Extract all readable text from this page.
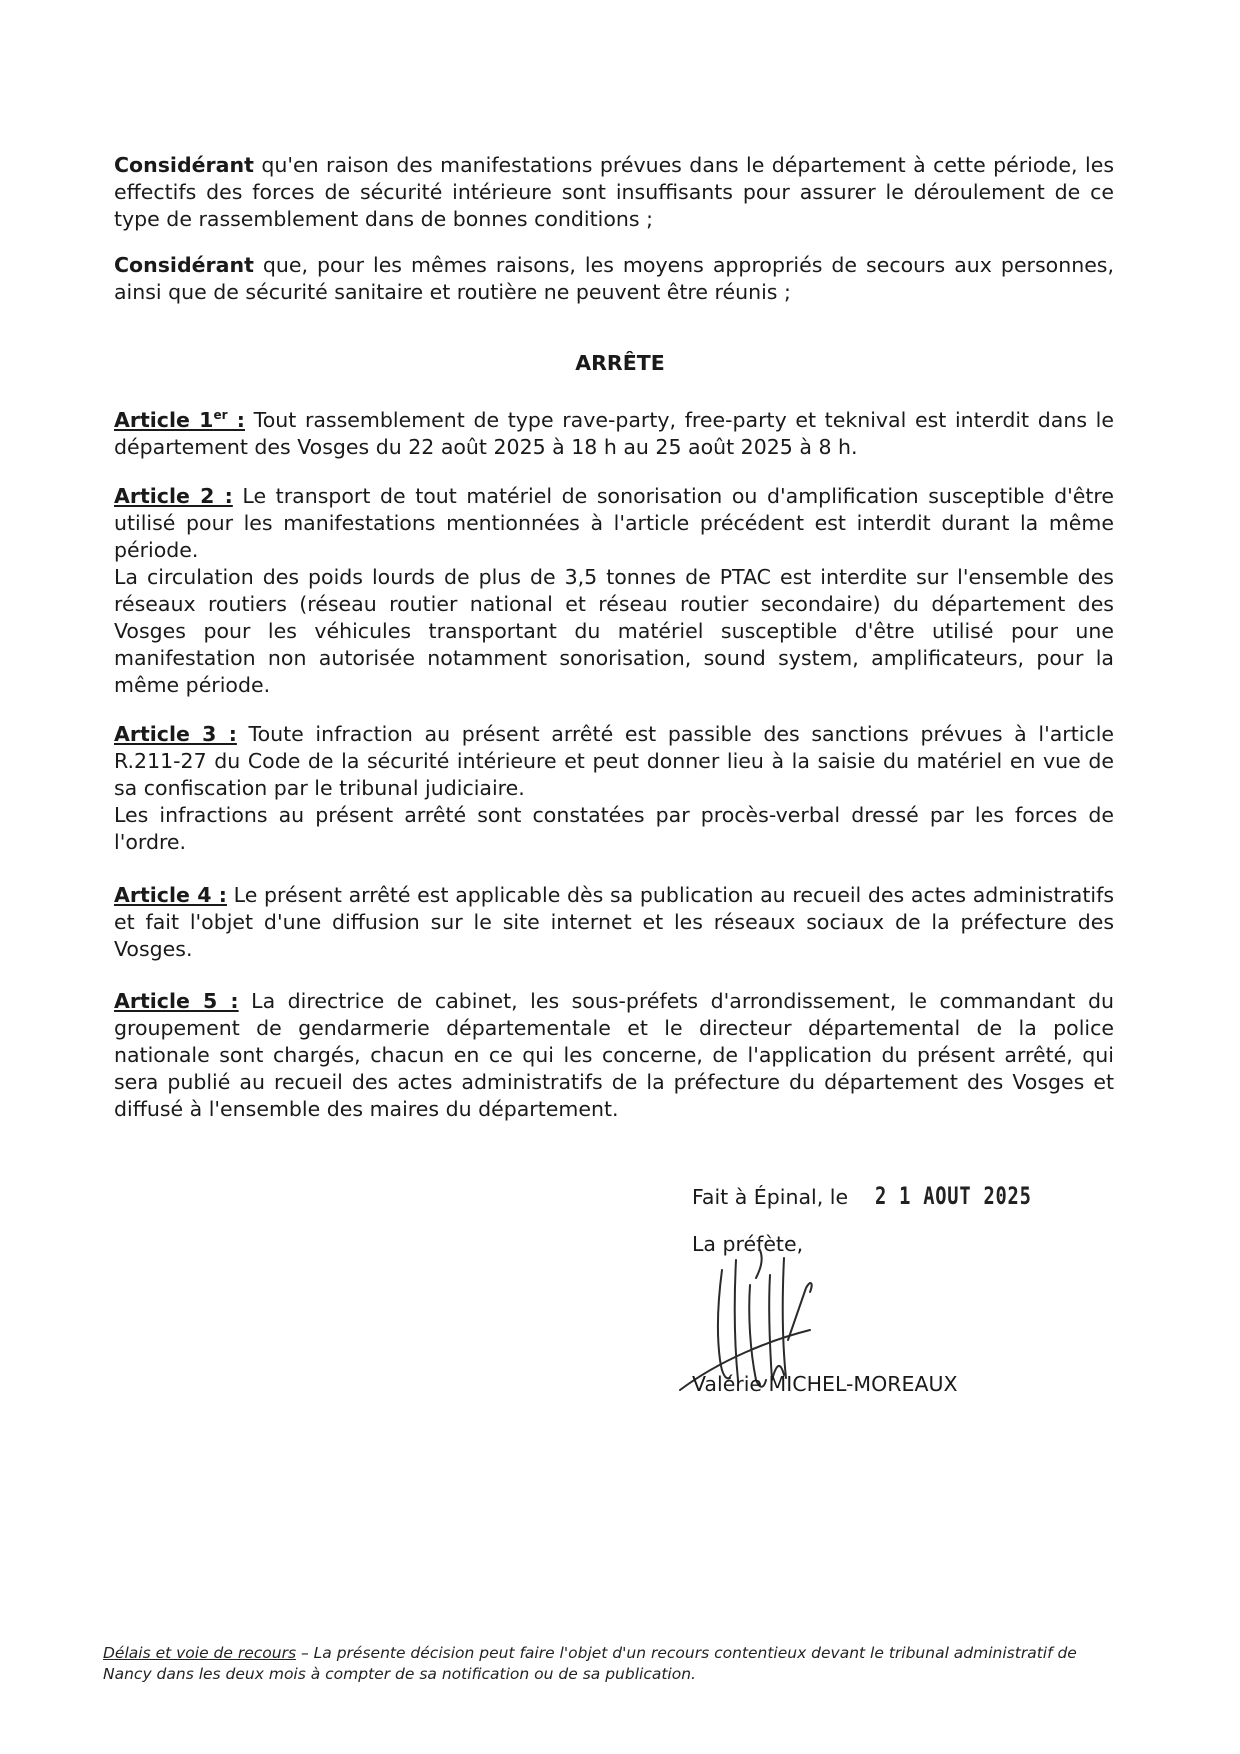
Considérant qu'en raison des manifestations prévues dans le département à cette période, les effectifs des forces de sécurité intérieure sont insuffisants pour assurer le déroulement de ce type de rassemblement dans de bonnes conditions ;

Considérant que, pour les mêmes raisons, les moyens appropriés de secours aux personnes, ainsi que de sécurité sanitaire et routière ne peuvent être réunis ;

ARRÊTE

Article 1er : Tout rassemblement de type rave-party, free-party et teknival est interdit dans le département des Vosges du 22 août 2025 à 18 h au 25 août 2025 à 8 h.

Article 2 : Le transport de tout matériel de sonorisation ou d'amplification susceptible d'être utilisé pour les manifestations mentionnées à l'article précédent est interdit durant la même période.

La circulation des poids lourds de plus de 3,5 tonnes de PTAC est interdite sur l'ensemble des réseaux routiers (réseau routier national et réseau routier secondaire) du département des Vosges pour les véhicules transportant du matériel susceptible d'être utilisé pour une manifestation non autorisée notamment sonorisation, sound system, amplificateurs, pour la même période.

Article 3 : Toute infraction au présent arrêté est passible des sanctions prévues à l'article R.211-27 du Code de la sécurité intérieure et peut donner lieu à la saisie du matériel en vue de sa confiscation par le tribunal judiciaire.

Les infractions au présent arrêté sont constatées par procès-verbal dressé par les forces de l'ordre.

Article 4 : Le présent arrêté est applicable dès sa publication au recueil des actes administratifs et fait l'objet d'une diffusion sur le site internet et les réseaux sociaux de la préfecture des Vosges.

Article 5 : La directrice de cabinet, les sous-préfets d'arrondissement, le commandant du groupement de gendarmerie départementale et le directeur départemental de la police nationale sont chargés, chacun en ce qui les concerne, de l'application du présent arrêté, qui sera publié au recueil des actes administratifs de la préfecture du département des Vosges et diffusé à l'ensemble des maires du département.

Fait à Épinal, le 2 1 AOUT 2025
La préfète,
Valérie MICHEL-MOREAUX
Délais et voie de recours – La présente décision peut faire l'objet d'un recours contentieux devant le tribunal administratif de Nancy dans les deux mois à compter de sa notification ou de sa publication.
